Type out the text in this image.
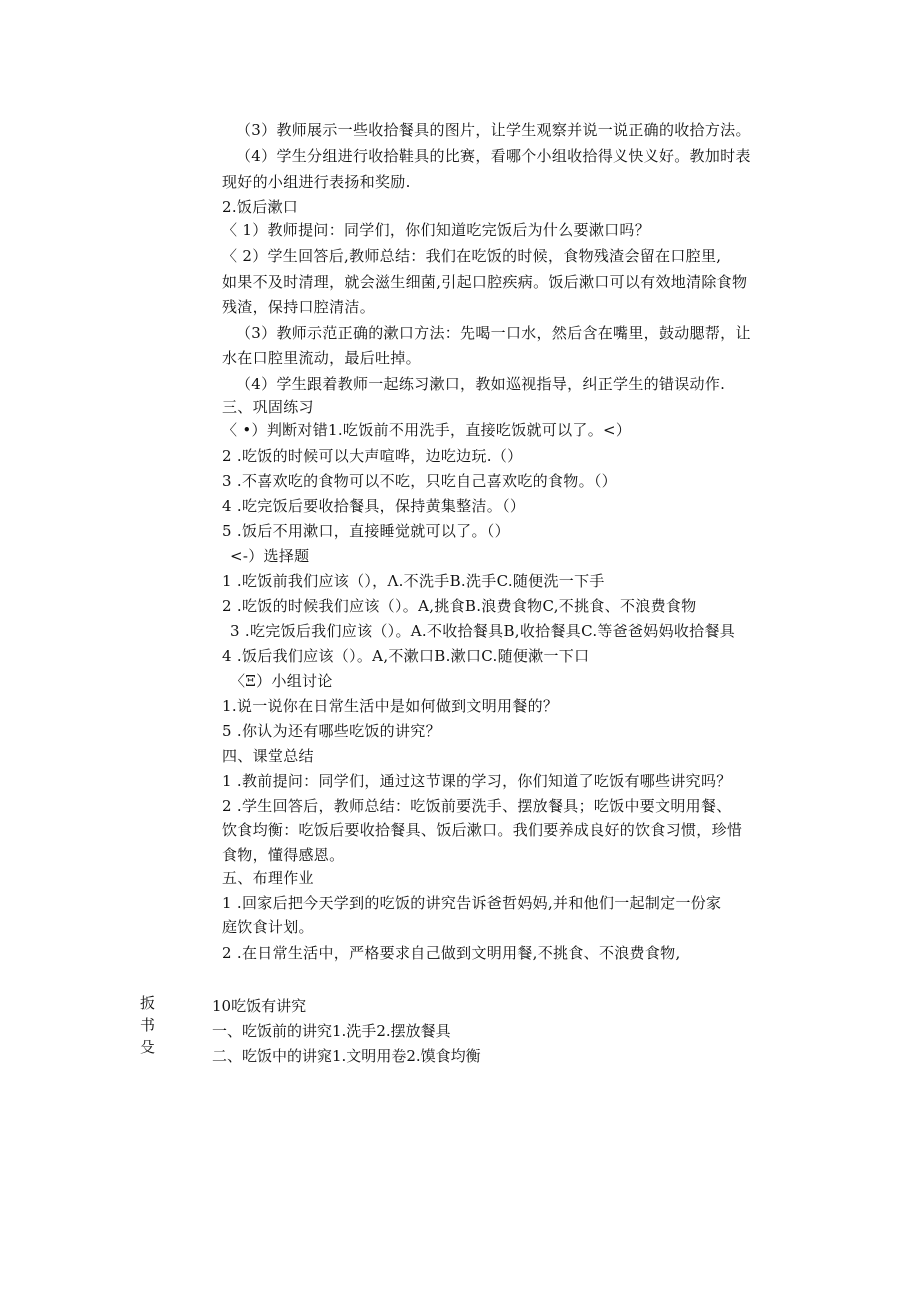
（3）教师展示一些收拾餐具的图片，让学生观察并说一说正确的收拾方法。
（4）学生分组进行收拾鞋具的比赛，看哪个小组收拾得义快义好。教加时表
现好的小组进行表扬和奖励.
2.饭后漱口
〈 1）教师提问：同学们，你们知道吃完饭后为什么要漱口吗？
〈 2）学生回答后,教师总结：我们在吃饭的时候，食物残渣会留在口腔里,
如果不及时清理，就会滋生细菌,引起口腔疾病。饭后漱口可以有效地清除食物
残渣，保持口腔清洁。
（3）教师示范正确的漱口方法：先喝一口水，然后含在嘴里，鼓动腮帮，让
水在口腔里流动，最后吐掉。
（4）学生跟着教师一起练习漱口，教如巡视指导，纠正学生的错误动作.
三、巩固练习
〈 •）判断对错1.吃饭前不用洗手，直接吃饭就可以了。<）
2 .吃饭的时候可以大声喧哗，边吃边玩.（）
3 .不喜欢吃的食物可以不吃，只吃自己喜欢吃的食物。（）
4 .吃完饭后要收拾餐具，保持黄集整洁。（）
5 .饭后不用漱口，直接睡觉就可以了。（）
<-）选择题
1 .吃饭前我们应该（），Λ.不洗手B.洗手C.随便洗一下手
2 .吃饭的时候我们应该（）。A,挑食B.浪费食物C,不挑食、不浪费食物
3 .吃完饭后我们应该（）。A.不收拾餐具B,收拾餐具C.等爸爸妈妈收拾餐具
4 .饭后我们应该（）。A,不漱口B.漱口C.随便漱一下口
〈Ξ）小组讨论
1.说一说你在日常生活中是如何做到文明用餐的？
5 .你认为还有哪些吃饭的讲究？
四、课堂总结
1 .教前提问：同学们，通过这节课的学习，你们知道了吃饭有哪些讲究吗？
2 .学生回答后，教师总结：吃饭前要洗手、摆放餐具；吃饭中要文明用餐、
饮食均衡：吃饭后要收拾餐具、饭后漱口。我们要养成良好的饮食习惯，珍惜
食物，懂得感恩。
五、布理作业
1 .回家后把今天学到的吃饭的讲究告诉爸哲妈妈,并和他们一起制定一份家
庭饮食计划。
2 .在日常生活中，严格要求自己做到文明用餐,不挑食、不浪费食物,
扳书殳
10吃饭有讲究
一、吃饭前的讲究1.洗手2.摆放餐具
二、吃饭中的讲窕1.文明用卷2.馍食均衡
